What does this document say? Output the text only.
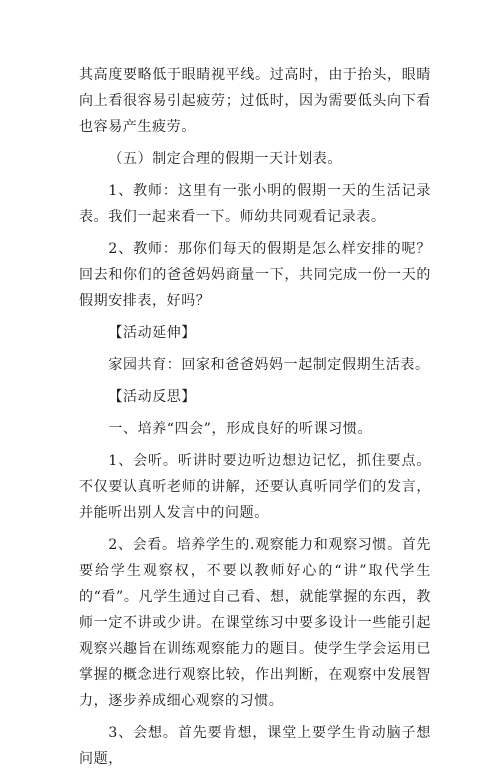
其高度要略低于眼睛视平线。过高时，由于抬头，眼睛向上看很容易引起疲劳；过低时，因为需要低头向下看也容易产生疲劳。

（五）制定合理的假期一天计划表。

1、教师：这里有一张小明的假期一天的生活记录表。我们一起来看一下。师幼共同观看记录表。

2、教师：那你们每天的假期是怎么样安排的呢？回去和你们的爸爸妈妈商量一下，共同完成一份一天的假期安排表，好吗？

【活动延伸】

家园共育：回家和爸爸妈妈一起制定假期生活表。

【活动反思】

一、培养“四会”，形成良好的听课习惯。

1、会听。听讲时要边听边想边记忆，抓住要点。不仅要认真听老师的讲解，还要认真听同学们的发言，并能听出别人发言中的问题。

2、会看。培养学生的.观察能力和观察习惯。首先要给学生观察权，不要以教师好心的“讲”取代学生的“看”。凡学生通过自己看、想，就能掌握的东西，教师一定不讲或少讲。在课堂练习中要多设计一些能引起观察兴趣旨在训练观察能力的题目。使学生学会运用已掌握的概念进行观察比较，作出判断，在观察中发展智力，逐步养成细心观察的习惯。

3、会想。首先要肯想，课堂上要学生肯动脑子想问题，
